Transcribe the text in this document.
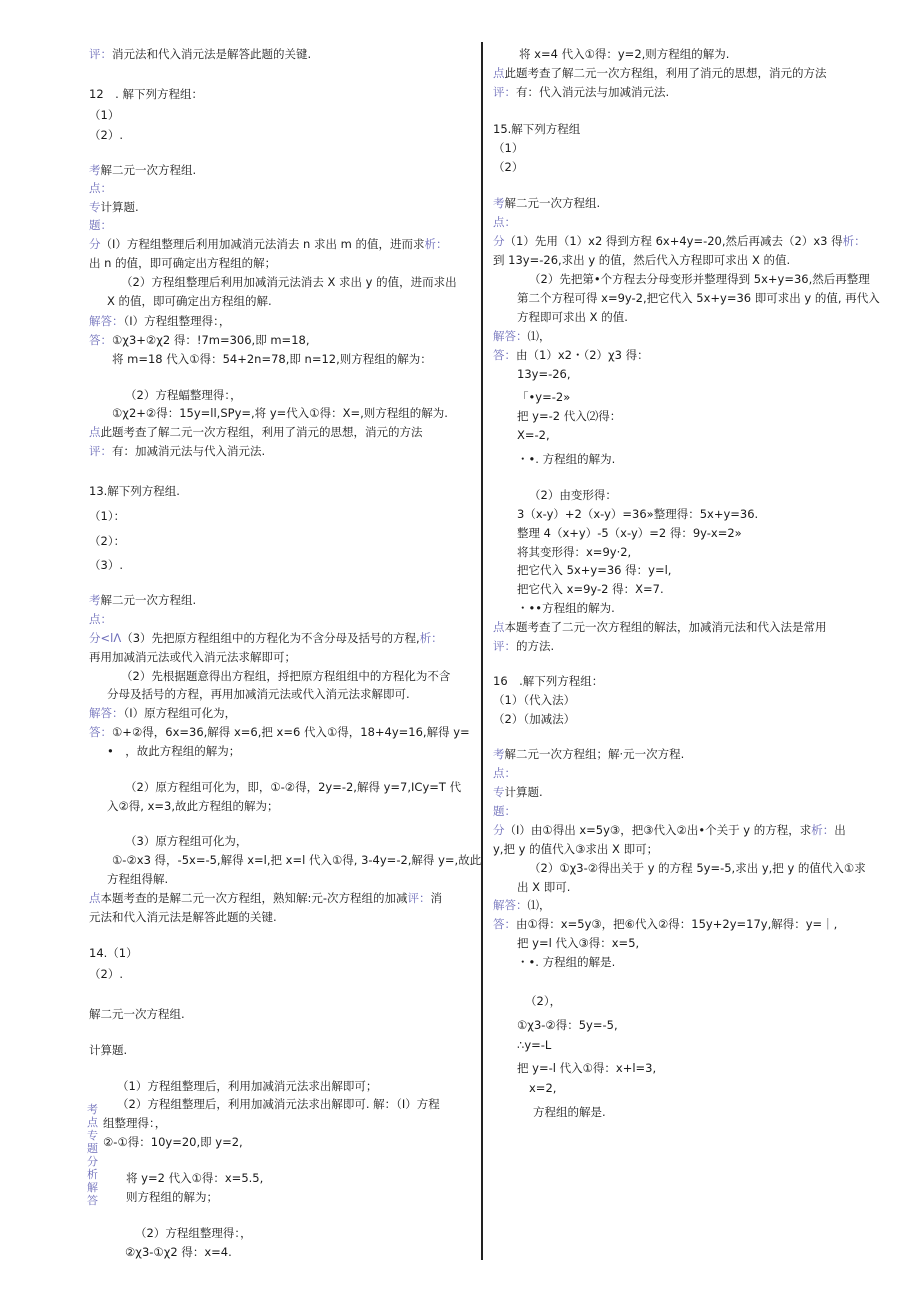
评：消元法和代入消元法是解答此题的关键.
12　. 解下列方程组：
（1）
（2）.
考解二元一次方程组.
点：
专计算题.
题：
分（I）方程组整理后利用加减消元法消去 n 求出 m 的值，进而求析：
出 n 的值，即可确定出方程组的解；
（2）方程组整理后利用加减消元法消去 X 求出 y 的值，进而求出
X 的值，即可确定出方程组的解.
解答：（I）方程组整理得：，
答：①χ3+②χ2 得：!7m=306,即 m=18,
将 m=18 代入①得：54+2n=78,即 n=12,则方程组的解为：
（2）方程蝠整理得：，
①χ2+②得：15y=ll,SPy=,将 y=代入①得：X=,则方程组的解为.
点此题考查了解二元一次方程组，利用了消元的思想，消元的方法
评：有：加减消元法与代入消元法.
13.解下列方程组.
（1）：
（2）：
（3）.
考解二元一次方程组.
点：
分<lΛ（3）先把原方程组组中的方程化为不含分母及括号的方程,析：
再用加减消元法或代入消元法求解即可；
（2）先根据题意得出方程组，捋把原方程组组中的方程化为不含
分母及括号的方程，再用加减消元法或代入消元法求解即可.
解答：（I）原方程组可化为，
答：①+②得，6x=36,解得 x=6,把 x=6 代入①得，18+4y=16,解得 y=
•　，故此方程组的解为；
（2）原方程组可化为，即，①-②得，2y=-2,解得 y=7,ICy=T 代
入②得, x=3,故此方程组的解为；
（3）原方程组可化为，
①-②x3 得，-5x=-5,解得 x=l,把 x=l 代入①得, 3-4y=-2,解得 y=,故此
方程组得解.
点本题考查的是解二元一次方程组，熟知解:元-次方程组的加减评：消
元法和代入消元法是解答此题的关键.
14.（1）
（2）.
解二元一次方程组.
计算题.
（1）方程组整理后，利用加减消元法求出解即可；
（2）方程组整理后，利用加减消元法求出解即可. 解：（I）方程
考点专题分析解答
组整理得：，
②-①得：10y=20,即 y=2,
将 y=2 代入①得：x=5.5,
则方程组的解为；
（2）方程组整理得：，
②χ3-①χ2 得：x=4.
将 x=4 代入①得：y=2,则方程组的解为.
点此题考查了解二元一次方程组，利用了消元的思想，消元的方法
评：有：代入消元法与加减消元法.
15.解下列方程组
（1）
（2）
考解二元一次方程组.
点：
分（1）先用（1）x2 得到方程 6x+4y=-20,然后再减去（2）x3 得析：
到 13y=-26,求出 y 的值，然后代入方程即可求出 X 的值.
（2）先把第•个方程去分母变形并整理得到 5x+y=36,然后再整理
第二个方程可得 x=9y-2,把它代入 5x+y=36 即可求出 y 的值, 再代入
方程即可求出 X 的值.
解答：⑴，
答：由（1）x2・（2）χ3 得：
13y=-26,
「•y=-2»
把 y=-2 代入⑵得：
X=-2,
・•. 方程组的解为.
（2）由变形得：
3（x-y）+2（x-y）=36»整理得：5x+y=36.
整理 4（x+y）-5（x-y）=2 得：9y-x=2»
将其变形得：x=9y·2,
把它代入 5x+y=36 得：y=l,
把它代入 x=9y-2 得：X=7.
・••方程组的解为.
点本题考查了二元一次方程组的解法，加减消元法和代入法是常用
评：的方法.
16　.解下列方程组：
（1）（代入法）
（2）（加减法）
考解二元一次方程组；解·元一次方程.
点：
专计算题.
题：
分（I）由①得出 x=5y③，把③代入②出•个关于 y 的方程，求析：出
y,把 y 的值代入③求出 X 即可；
（2）①χ3-②得出关于 y 的方程 5y=-5,求出 y,把 y 的值代入①求
出 X 即可.
解答：⑴，
答：由①得：x=5y③，把⑥代入②得：15y+2y=17y,解得：y=｜,
把 y=l 代入③得：x=5,
・•. 方程组的解是.
（2），
①χ3-②得：5y=-5,
∴y=-L
把 y=-l 代入①得：x+l=3,
x=2,
方程组的解是.
